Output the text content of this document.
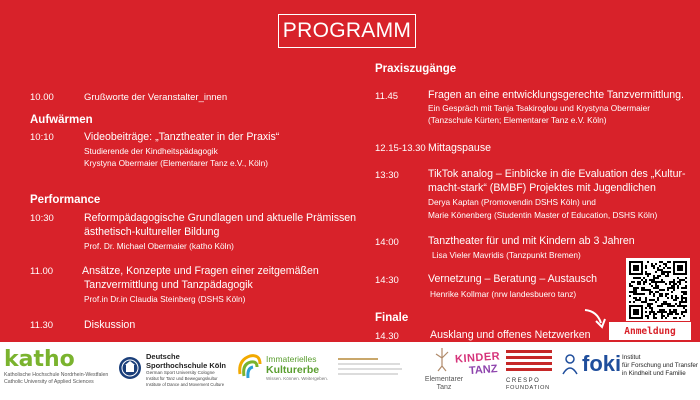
PROGRAMM
10.00	Grußworte der Veranstalter_innen
Aufwärmen
10:10	Videobeiträge: „Tanztheater in der Praxis“
Studierende der Kindheitspädagogik
Krystyna Obermaier (Elementarer Tanz e.V., Köln)
Performance
10:30	Reformpädagogische Grundlagen und aktuelle Prämissen
ästhetisch-kultureller Bildung
Prof. Dr. Michael Obermaier (katho Köln)
11.00	Ansätze, Konzepte und Fragen einer zeitgemäßen
Tanzvermittlung und Tanzpädagogik
Prof.in Dr.in Claudia Steinberg (DSHS Köln)
11.30	Diskussion
Praxiszugänge
11.45	Fragen an eine entwicklungsgerechte Tanzvermittlung.
Ein Gespräch mit Tanja Tsakiroglou und Krystyna Obermaier
(Tanzschule Kürten; Elementarer Tanz e.V. Köln)
12.15-13.30 Mittagspause
13:30	TikTok analog – Einblicke in die Evaluation des „Kultur-
macht-stark“ (BMBF) Projektes mit Jugendlichen
Derya Kaptan (Promovendin DSHS Köln) und
Marie Könenberg (Studentin Master of Education, DSHS Köln)
14:00	Tanztheater für und mit Kindern ab 3 Jahren
Lisa Vieler Mavridis (Tanzpunkt Bremen)
14:30	Vernetzung – Beratung – Austausch
Henrike Kollmar (nrw landesbuero tanz)
Finale
14.30	Ausklang und offenes Netzwerken	Anmeldung
katho
Katholische Hochschule Nordrhein-Westfalen
Catholic University of Applied Sciences
Deutsche
Sporthochschule Köln
German Sport University Cologne
Institut für Tanz und Bewegungskultur
Institute of Dance and Movement Culture
Immaterielles
Kulturerbe
Wissen. Können. Weitergeben.	Elementarer
Tanz
KINDER
TANZ
CRESPO
FOUNDATION
foki Institut
für Forschung und Transfer
in Kindheit und Familie
